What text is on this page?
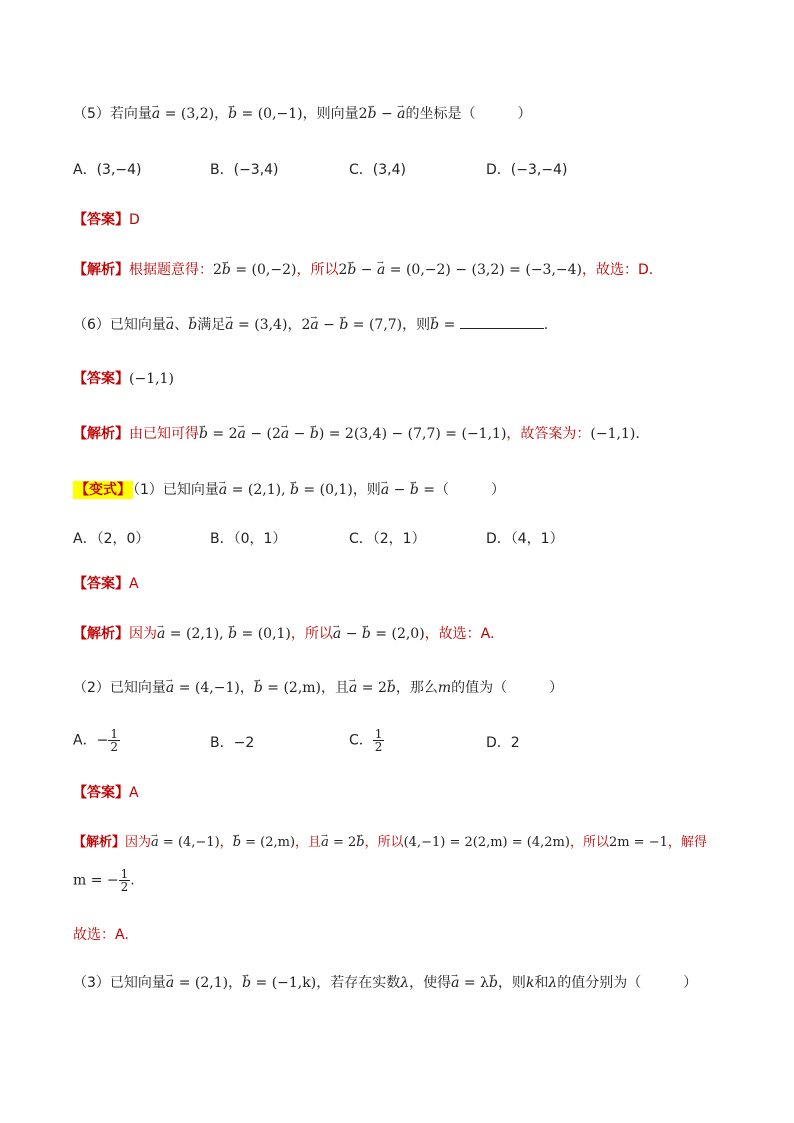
（5）若向量→ a = (3,2)，→ b = (0,−1)，则向量2→ b − → a的坐标是（　　　）
A．(3,−4)	B．(−3,4)	C．(3,4)	D．(−3,−4)
【答案】D
【解析】根据题意得：2→ b = (0,−2)，所以2→ b − → a = (0,−2) − (3,2) = (−3,−4)，故选：D.
（6）已知向量→ a、→ b满足→ a = (3,4)，2→ a − → b = (7,7)，则→ b =	.
【答案】(−1,1)
【解析】由已知可得→ b = 2→ a − (2→ a − → b) = 2(3,4) − (7,7) = (−1,1)，故答案为：(−1,1).
【变式】 （1）已知向量→ a = (2,1), → b = (0,1)，则→ a − → b =（　　　）
A．（2，0）	B．（0，1）	C．（2，1）	D．（4，1）
【答案】A
【解析】因为→ a = (2,1), → b = (0,1)，所以→ a − → b = (2,0)，故选：A.
（2）已知向量→ a = (4,−1)，→ b = (2,m)，且→ a = 2→ b，那么m的值为（　　　）
A．− $\frac{1}{2}$	B．−2	C． $\frac{1}{2}$	D．2
【答案】A
【解析】因为→ a = (4,−1)，→ b = (2,m)，且→ a = 2→ b，所以(4,−1) = 2(2,m) = (4,2m)，所以2m = −1，解得
m = − $\frac{1}{2}$ .
故选：A.
（3）已知向量→ a = (2,1)，→ b = (−1,k)，若存在实数λ，使得→ a = λ→ b，则k和λ的值分别为（　　　）
